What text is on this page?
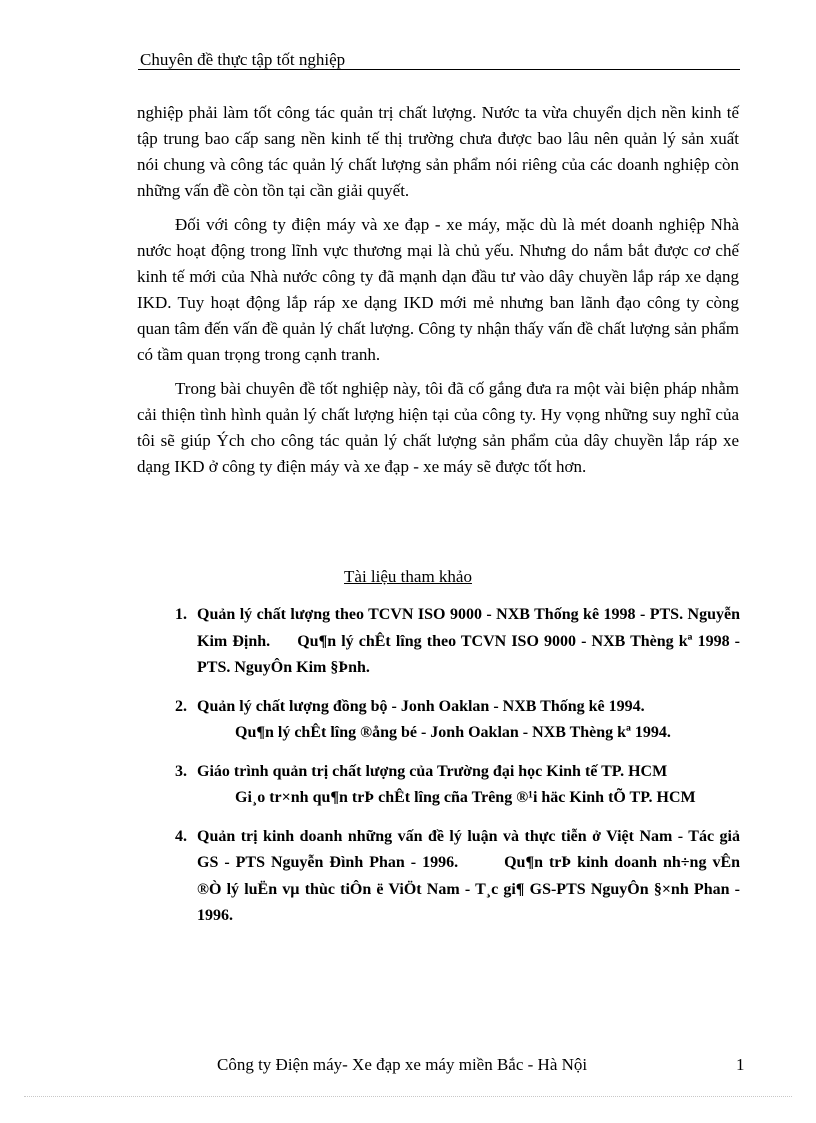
Chuyên đề thực tập tốt nghiệp

nghiệp phải làm tốt công tác quản trị chất lượng. Nước ta vừa chuyển dịch nền kinh tế tập trung bao cấp sang nền kinh tế thị trường chưa được bao lâu nên quản lý sản xuất nói chung và công tác quản lý chất lượng sản phẩm nói riêng của các doanh nghiệp còn những vấn đề còn tồn tại cần giải quyết.

Đối với công ty điện máy và xe đạp - xe máy, mặc dù là mét doanh nghiệp Nhà nước hoạt động trong lĩnh vực thương mại là chủ yếu. Nhưng do nắm bắt được cơ chế kinh tế mới của Nhà nước công ty đã mạnh dạn đầu tư vào dây chuyền lắp ráp xe dạng IKD. Tuy hoạt động lắp ráp xe dạng IKD mới mẻ nhưng ban lãnh đạo công ty còng quan tâm đến vấn đề quản lý chất lượng. Công ty nhận thấy vấn đề chất lượng sản phẩm có tầm quan trọng trong cạnh tranh.

Trong bài chuyên đề tốt nghiệp này, tôi đã cố gắng đưa ra một vài biện pháp nhằm cải thiện tình hình quản lý chất lượng hiện tại của công ty. Hy vọng những suy nghĩ của tôi sẽ giúp Ých cho công tác quản lý chất lượng sản phẩm của dây chuyền lắp ráp xe dạng IKD ở công ty điện máy và xe đạp - xe máy sẽ được tốt hơn.

Tài liệu tham khảo
1. Quản lý chất lượng theo TCVN ISO 9000 - NXB Thống kê 1998 - PTS. Nguyễn Kim Định. Qu¶n lý chÊt lîng theo TCVN ISO 9000 - NXB Thèng kª 1998 - PTS. NguyÔn Kim §Þnh.
2. Quản lý chất lượng đồng bộ - Jonh Oaklan - NXB Thống kê 1994.
Qu¶n lý chÊt lîng ®ång bé - Jonh Oaklan - NXB Thèng kª 1994.
3. Giáo trình quản trị chất lượng của Trường đại học Kinh tế TP. HCM
Gi¸o tr×nh qu¶n trÞ chÊt lîng cña Trêng ®¹i häc Kinh tÕ TP. HCM
4. Quản trị kinh doanh những vấn đề lý luận và thực tiễn ở Việt Nam - Tác giả GS - PTS Nguyễn Đình Phan - 1996.	Qu¶n trÞ kinh doanh nh÷ng vÊn ®Ò lý luËn vµ thùc tiÔn ë ViÖt Nam - T¸c gi¶ GS-PTS NguyÔn §×nh Phan - 1996.
Công ty Điện máy- Xe đạp xe máy miền Bắc - Hà Nội	1
